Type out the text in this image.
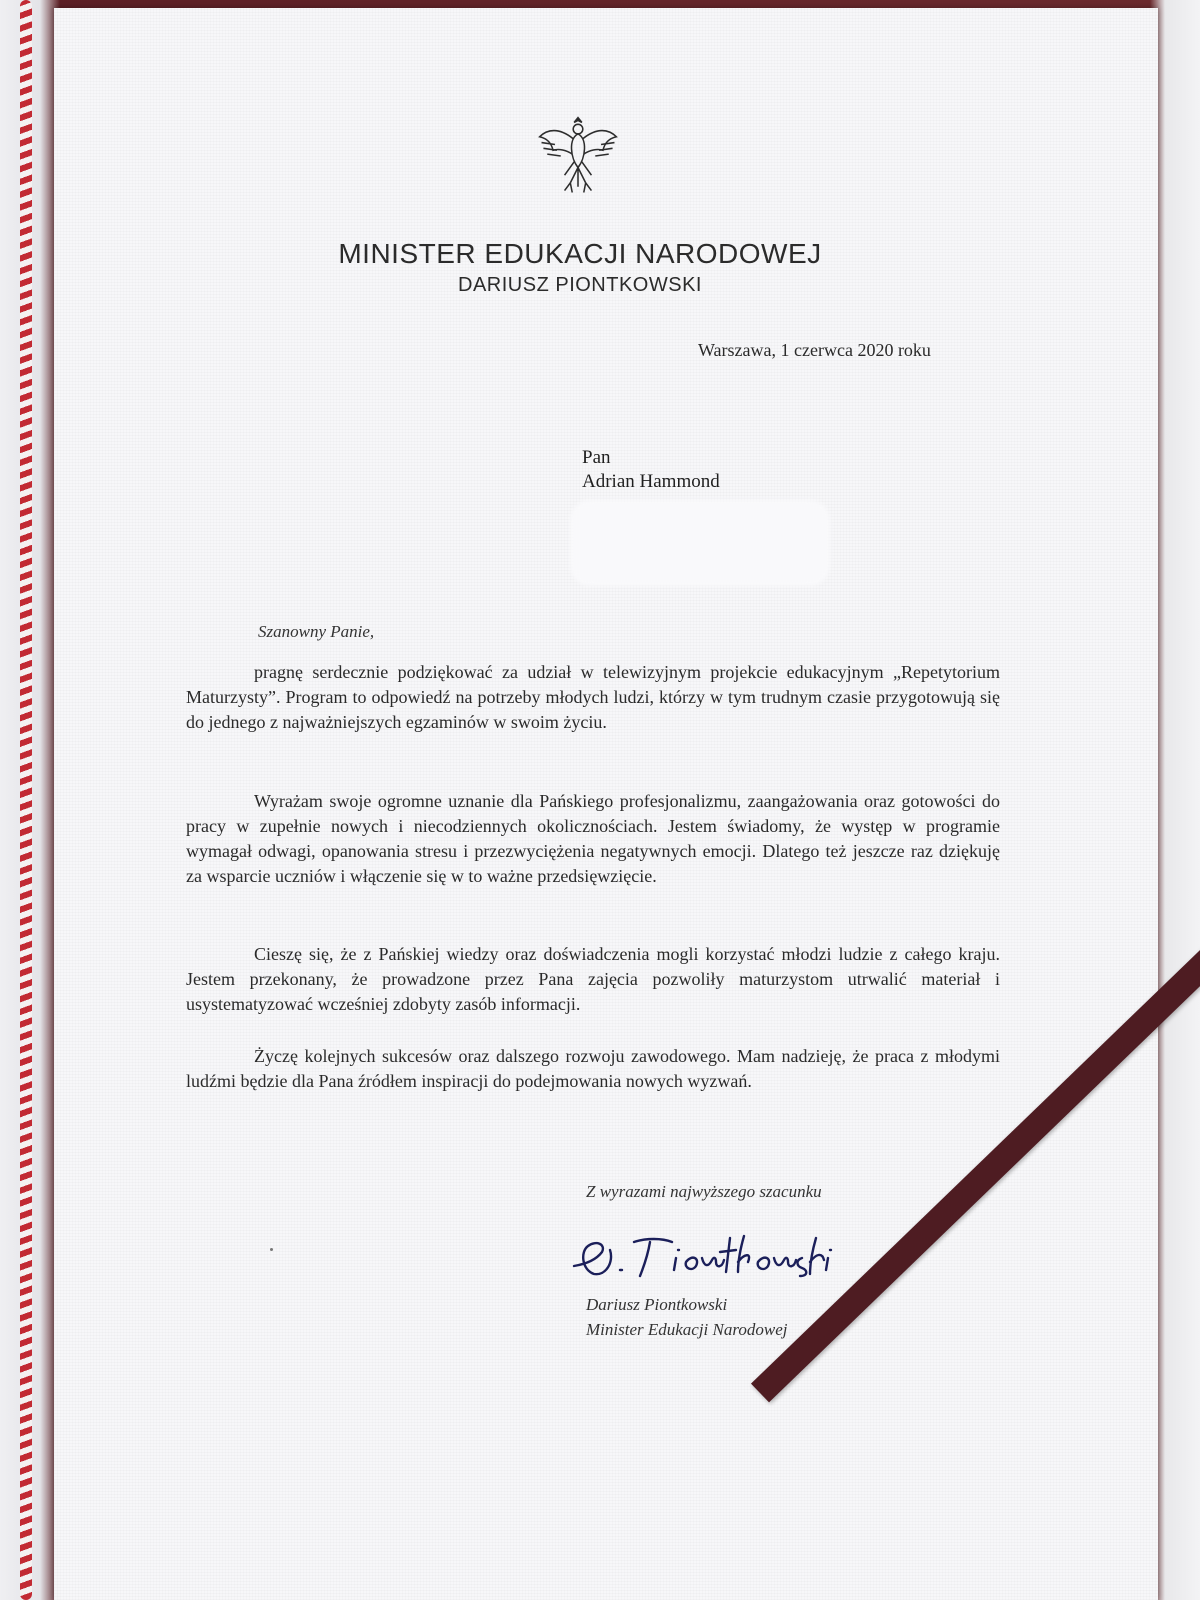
MINISTER EDUKACJI NARODOWEJ
DARIUSZ PIONTKOWSKI
Warszawa, 1 czerwca 2020 roku
Pan
Adrian Hammond
Szanowny Panie,

pragnę serdecznie podziękować za udział w telewizyjnym projekcie edukacyjnym „Repetytorium Maturzysty”. Program to odpowiedź na potrzeby młodych ludzi, którzy w tym trudnym czasie przygotowują się do jednego z najważniejszych egzaminów w swoim życiu.

Wyrażam swoje ogromne uznanie dla Pańskiego profesjonalizmu, zaangażowania oraz gotowości do pracy w zupełnie nowych i niecodziennych okolicznościach. Jestem świadomy, że występ w programie wymagał odwagi, opanowania stresu i przezwyciężenia negatywnych emocji. Dlatego też jeszcze raz dziękuję za wsparcie uczniów i włączenie się w to ważne przedsięwzięcie.

Cieszę się, że z Pańskiej wiedzy oraz doświadczenia mogli korzystać młodzi ludzie z całego kraju. Jestem przekonany, że prowadzone przez Pana zajęcia pozwoliły maturzystom utrwalić materiał i usystematyzować wcześniej zdobyty zasób informacji.

Życzę kolejnych sukcesów oraz dalszego rozwoju zawodowego. Mam nadzieję, że praca z młodymi ludźmi będzie dla Pana źródłem inspiracji do podejmowania nowych wyzwań.

Z wyrazami najwyższego szacunku
Dariusz Piontkowski
Minister Edukacji Narodowej
